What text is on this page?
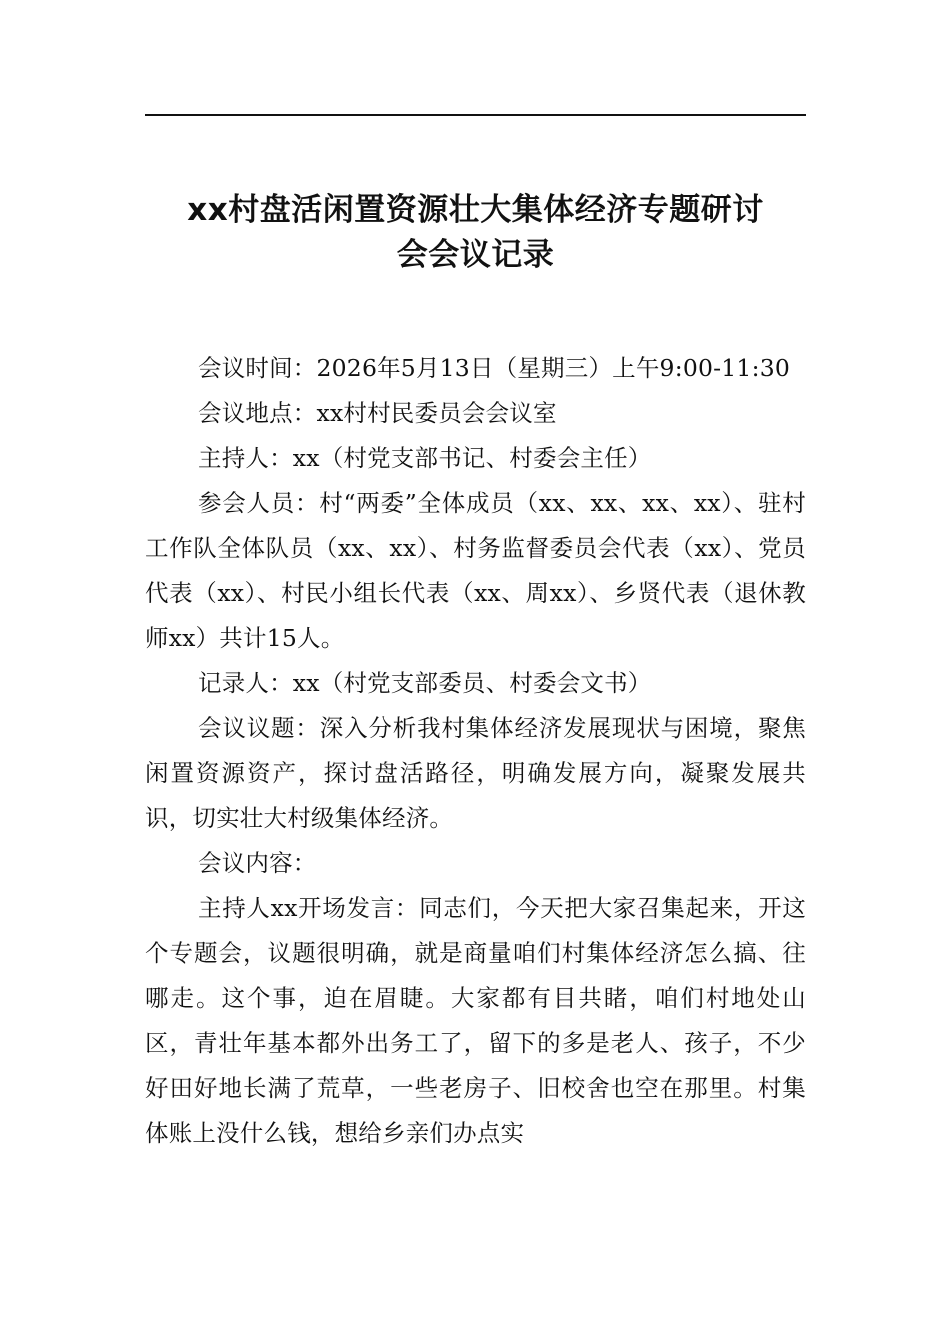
xx村盘活闲置资源壮大集体经济专题研讨
会会议记录

会议时间：2026年5月13日（星期三）上午9:00-11:30

会议地点：xx村村民委员会会议室

主持人：xx（村党支部书记、村委会主任）

参会人员：村“两委”全体成员（xx、xx、xx、xx）、驻村工作队全体队员（xx、xx）、村务监督委员会代表（xx）、党员代表（xx）、村民小组长代表（xx、周xx）、乡贤代表（退休教师xx）共计15人。

记录人：xx（村党支部委员、村委会文书）

会议议题：深入分析我村集体经济发展现状与困境，聚焦闲置资源资产，探讨盘活路径，明确发展方向，凝聚发展共识，切实壮大村级集体经济。

会议内容：

主持人xx开场发言：同志们，今天把大家召集起来，开这个专题会，议题很明确，就是商量咱们村集体经济怎么搞、往哪走。这个事，迫在眉睫。大家都有目共睹，咱们村地处山区，青壮年基本都外出务工了，留下的多是老人、孩子，不少好田好地长满了荒草，一些老房子、旧校舍也空在那里。村集体账上没什么钱，想给乡亲们办点实
